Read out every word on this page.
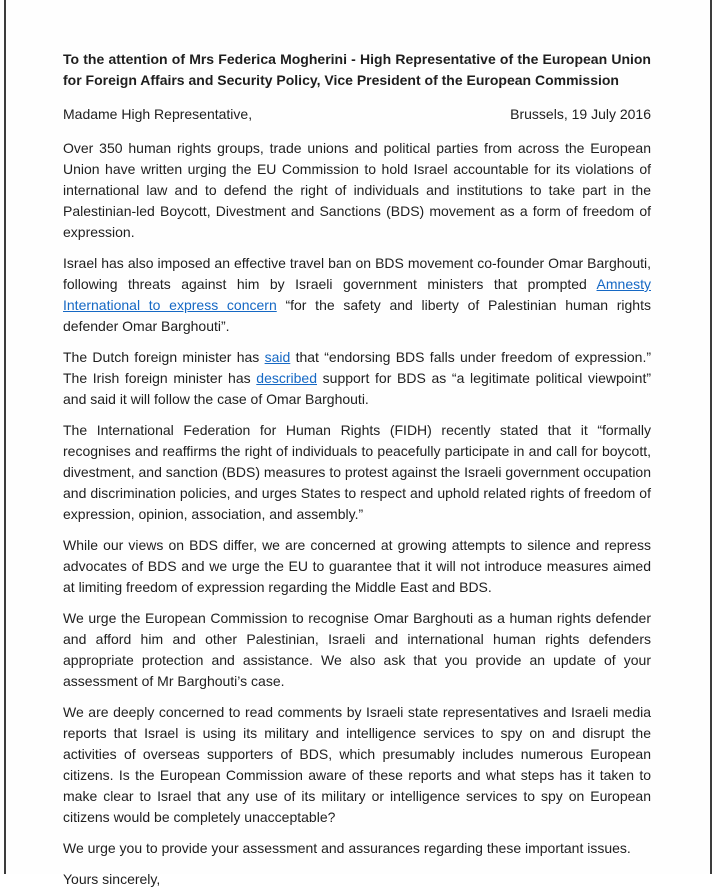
To the attention of Mrs Federica Mogherini - High Representative of the European Union for Foreign Affairs and Security Policy, Vice President of the European Commission

Madame High Representative,	Brussels, 19 July 2016

Over 350 human rights groups, trade unions and political parties from across the European Union have written urging the EU Commission to hold Israel accountable for its violations of international law and to defend the right of individuals and institutions to take part in the Palestinian-led Boycott, Divestment and Sanctions (BDS) movement as a form of freedom of expression.

Israel has also imposed an effective travel ban on BDS movement co-founder Omar Barghouti, following threats against him by Israeli government ministers that prompted Amnesty International to express concern “for the safety and liberty of Palestinian human rights defender Omar Barghouti”.

The Dutch foreign minister has said that “endorsing BDS falls under freedom of expression.” The Irish foreign minister has described support for BDS as “a legitimate political viewpoint” and said it will follow the case of Omar Barghouti.

The International Federation for Human Rights (FIDH) recently stated that it “formally recognises and reaffirms the right of individuals to peacefully participate in and call for boycott, divestment, and sanction (BDS) measures to protest against the Israeli government occupation and discrimination policies, and urges States to respect and uphold related rights of freedom of expression, opinion, association, and assembly.”

While our views on BDS differ, we are concerned at growing attempts to silence and repress advocates of BDS and we urge the EU to guarantee that it will not introduce measures aimed at limiting freedom of expression regarding the Middle East and BDS.

We urge the European Commission to recognise Omar Barghouti as a human rights defender and afford him and other Palestinian, Israeli and international human rights defenders appropriate protection and assistance. We also ask that you provide an update of your assessment of Mr Barghouti’s case.

We are deeply concerned to read comments by Israeli state representatives and Israeli media reports that Israel is using its military and intelligence services to spy on and disrupt the activities of overseas supporters of BDS, which presumably includes numerous European citizens. Is the European Commission aware of these reports and what steps has it taken to make clear to Israel that any use of its military or intelligence services to spy on European citizens would be completely unacceptable?

We urge you to provide your assessment and assurances regarding these important issues.

Yours sincerely,
